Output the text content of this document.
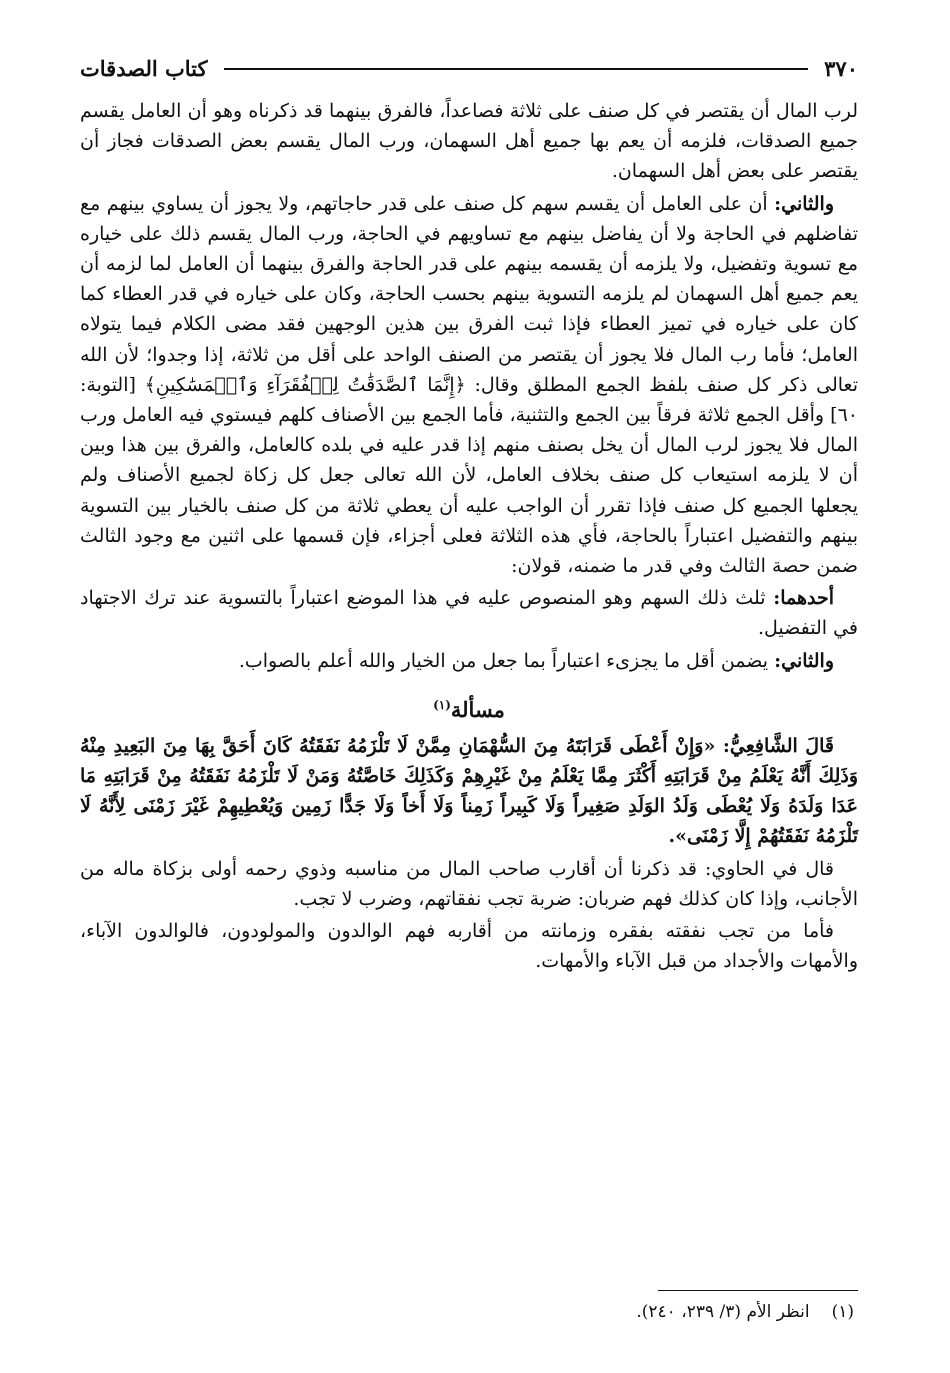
٣٧٠
كتاب الصدقات

لرب المال أن يقتصر في كل صنف على ثلاثة فصاعداً، فالفرق بينهما قد ذكرناه وهو أن العامل يقسم جميع الصدقات، فلزمه أن يعم بها جميع أهل السهمان، ورب المال يقسم بعض الصدقات فجاز أن يقتصر على بعض أهل السهمان.

والثاني: أن على العامل أن يقسم سهم كل صنف على قدر حاجاتهم، ولا يجوز أن يساوي بينهم مع تفاضلهم في الحاجة ولا أن يفاضل بينهم مع تساويهم في الحاجة، ورب المال يقسم ذلك على خياره مع تسوية وتفضيل، ولا يلزمه أن يقسمه بينهم على قدر الحاجة والفرق بينهما أن العامل لما لزمه أن يعم جميع أهل السهمان لم يلزمه التسوية بينهم بحسب الحاجة، وكان على خياره في قدر العطاء كما كان على خياره في تميز العطاء فإذا ثبت الفرق بين هذين الوجهين فقد مضى الكلام فيما يتولاه العامل؛ فأما رب المال فلا يجوز أن يقتصر من الصنف الواحد على أقل من ثلاثة، إذا وجدوا؛ لأن الله تعالى ذكر كل صنف بلفظ الجمع المطلق وقال: ﴿إِنَّمَا ٱلصَّدَقَٰتُ لِلۡفُقَرَآءِ وَٱلۡمَسَٰكِينِ﴾ [التوبة: ٦٠] وأقل الجمع ثلاثة فرقاً بين الجمع والتثنية، فأما الجمع بين الأصناف كلهم فيستوي فيه العامل ورب المال فلا يجوز لرب المال أن يخل بصنف منهم إذا قدر عليه في بلده كالعامل، والفرق بين هذا وبين أن لا يلزمه استيعاب كل صنف بخلاف العامل، لأن الله تعالى جعل كل زكاة لجميع الأصناف ولم يجعلها الجميع كل صنف فإذا تقرر أن الواجب عليه أن يعطي ثلاثة من كل صنف بالخيار بين التسوية بينهم والتفضيل اعتباراً بالحاجة، فأي هذه الثلاثة فعلى أجزاء، فإن قسمها على اثنين مع وجود الثالث ضمن حصة الثالث وفي قدر ما ضمنه، قولان:

أحدهما: ثلث ذلك السهم وهو المنصوص عليه في هذا الموضع اعتباراً بالتسوية عند ترك الاجتهاد في التفضيل.

والثاني: يضمن أقل ما يجزىء اعتباراً بما جعل من الخيار والله أعلم بالصواب.

مسألة$^{(١)}$

قَالَ الشَّافِعِيُّ: «وَإِنْ أَعْطَى قَرَابَتَهُ مِنَ السُّهْمَانِ مِمَّنْ لَا تَلْزَمُهُ نَفَقَتُهُ كَانَ أَحَقَّ بِهَا مِنَ البَعِيدِ مِنْهُ وَذَلِكَ أَنَّهُ يَعْلَمُ مِنْ قَرَابَتِهِ أَكْثَرَ مِمَّا يَعْلَمُ مِنْ غَيْرِهِمْ وَكَذَلِكَ خَاصَّتُهُ وَمَنْ لَا تَلْزَمُهُ نَفَقَتُهُ مِنْ قَرَابَتِهِ مَا عَدَا وَلَدَهُ وَلَا يُعْطَى وَلَدُ الوَلَدِ صَغِيراً وَلَا كَبِيراً زَمِناً وَلَا أَخاً وَلَا جَدًّا زَمِين وَيُعْطِيهِمْ غَيْرَ زَمْنَى لِأَنَّهُ لَا تَلْزَمُهُ نَفَقَتُهُمْ إِلَّا زَمْنَى».

قال في الحاوي: قد ذكرنا أن أقارب صاحب المال من مناسبه وذوي رحمه أولى بزكاة ماله من الأجانب، وإذا كان كذلك فهم ضربان: ضربة تجب نفقاتهم، وضرب لا تجب.

فأما من تجب نفقته بفقره وزمانته من أقاربه فهم الوالدون والمولودون، فالوالدون الآباء، والأمهات والأجداد من قبل الآباء والأمهات.

(١)انظر الأم (٣/ ٢٣٩، ٢٤٠).
